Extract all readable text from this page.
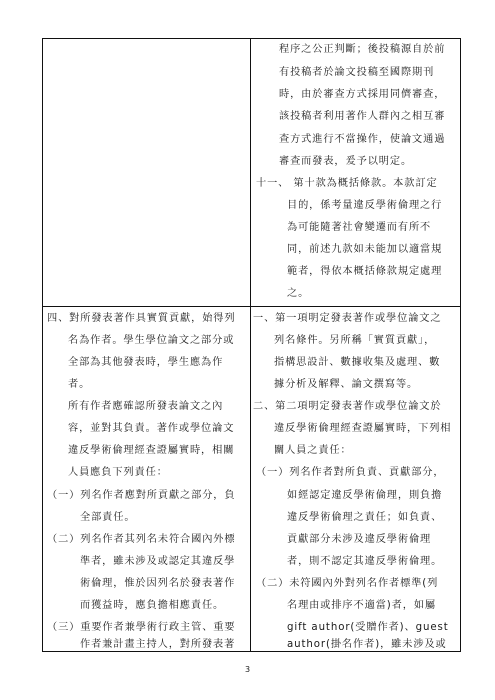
程序之公正判斷；後投稿源自於前
有投稿者於論文投稿至國際期刊
時，由於審查方式採用同儕審查，
該投稿者利用著作人群內之相互審
查方式進行不當操作，使論文通過
審查而發表，爰予以明定。
十一、 第十款為概括條款。本款訂定
目的，係考量違反學術倫理之行
為可能隨著社會變遷而有所不
同，前述九款如未能加以適當規
範者，得依本概括條款規定處理
之。
四、對所發表著作具實質貢獻，始得列
名為作者。學生學位論文之部分或
全部為其他發表時，學生應為作
者。
所有作者應確認所發表論文之內
容，並對其負責。著作或學位論文
違反學術倫理經查證屬實時，相關
人員應負下列責任：
（一）列名作者應對所貢獻之部分，負
全部責任。
（二）列名作者其列名未符合國內外標
準者，雖未涉及或認定其違反學
術倫理，惟於因列名於發表著作
而獲益時，應負擔相應責任。
（三）重要作者兼學術行政主管、重要
作者兼計畫主持人，對所發表著
一、第一項明定發表著作或學位論文之
列名條件。另所稱「實質貢獻」，
指構思設計、數據收集及處理、數
據分析及解釋、論文撰寫等。
二、第二項明定發表著作或學位論文於
違反學術倫理經查證屬實時，下列相
關人員之責任：
（一）列名作者對所負責、貢獻部分，
如經認定違反學術倫理，則負擔
違反學術倫理之責任；如負責、
貢獻部分未涉及違反學術倫理
者，則不認定其違反學術倫理。
（二）未符國內外對列名作者標準(列
名理由或排序不適當)者，如屬
gift author(受贈作者)、guest
author(掛名作者)，雖未涉及或
3
